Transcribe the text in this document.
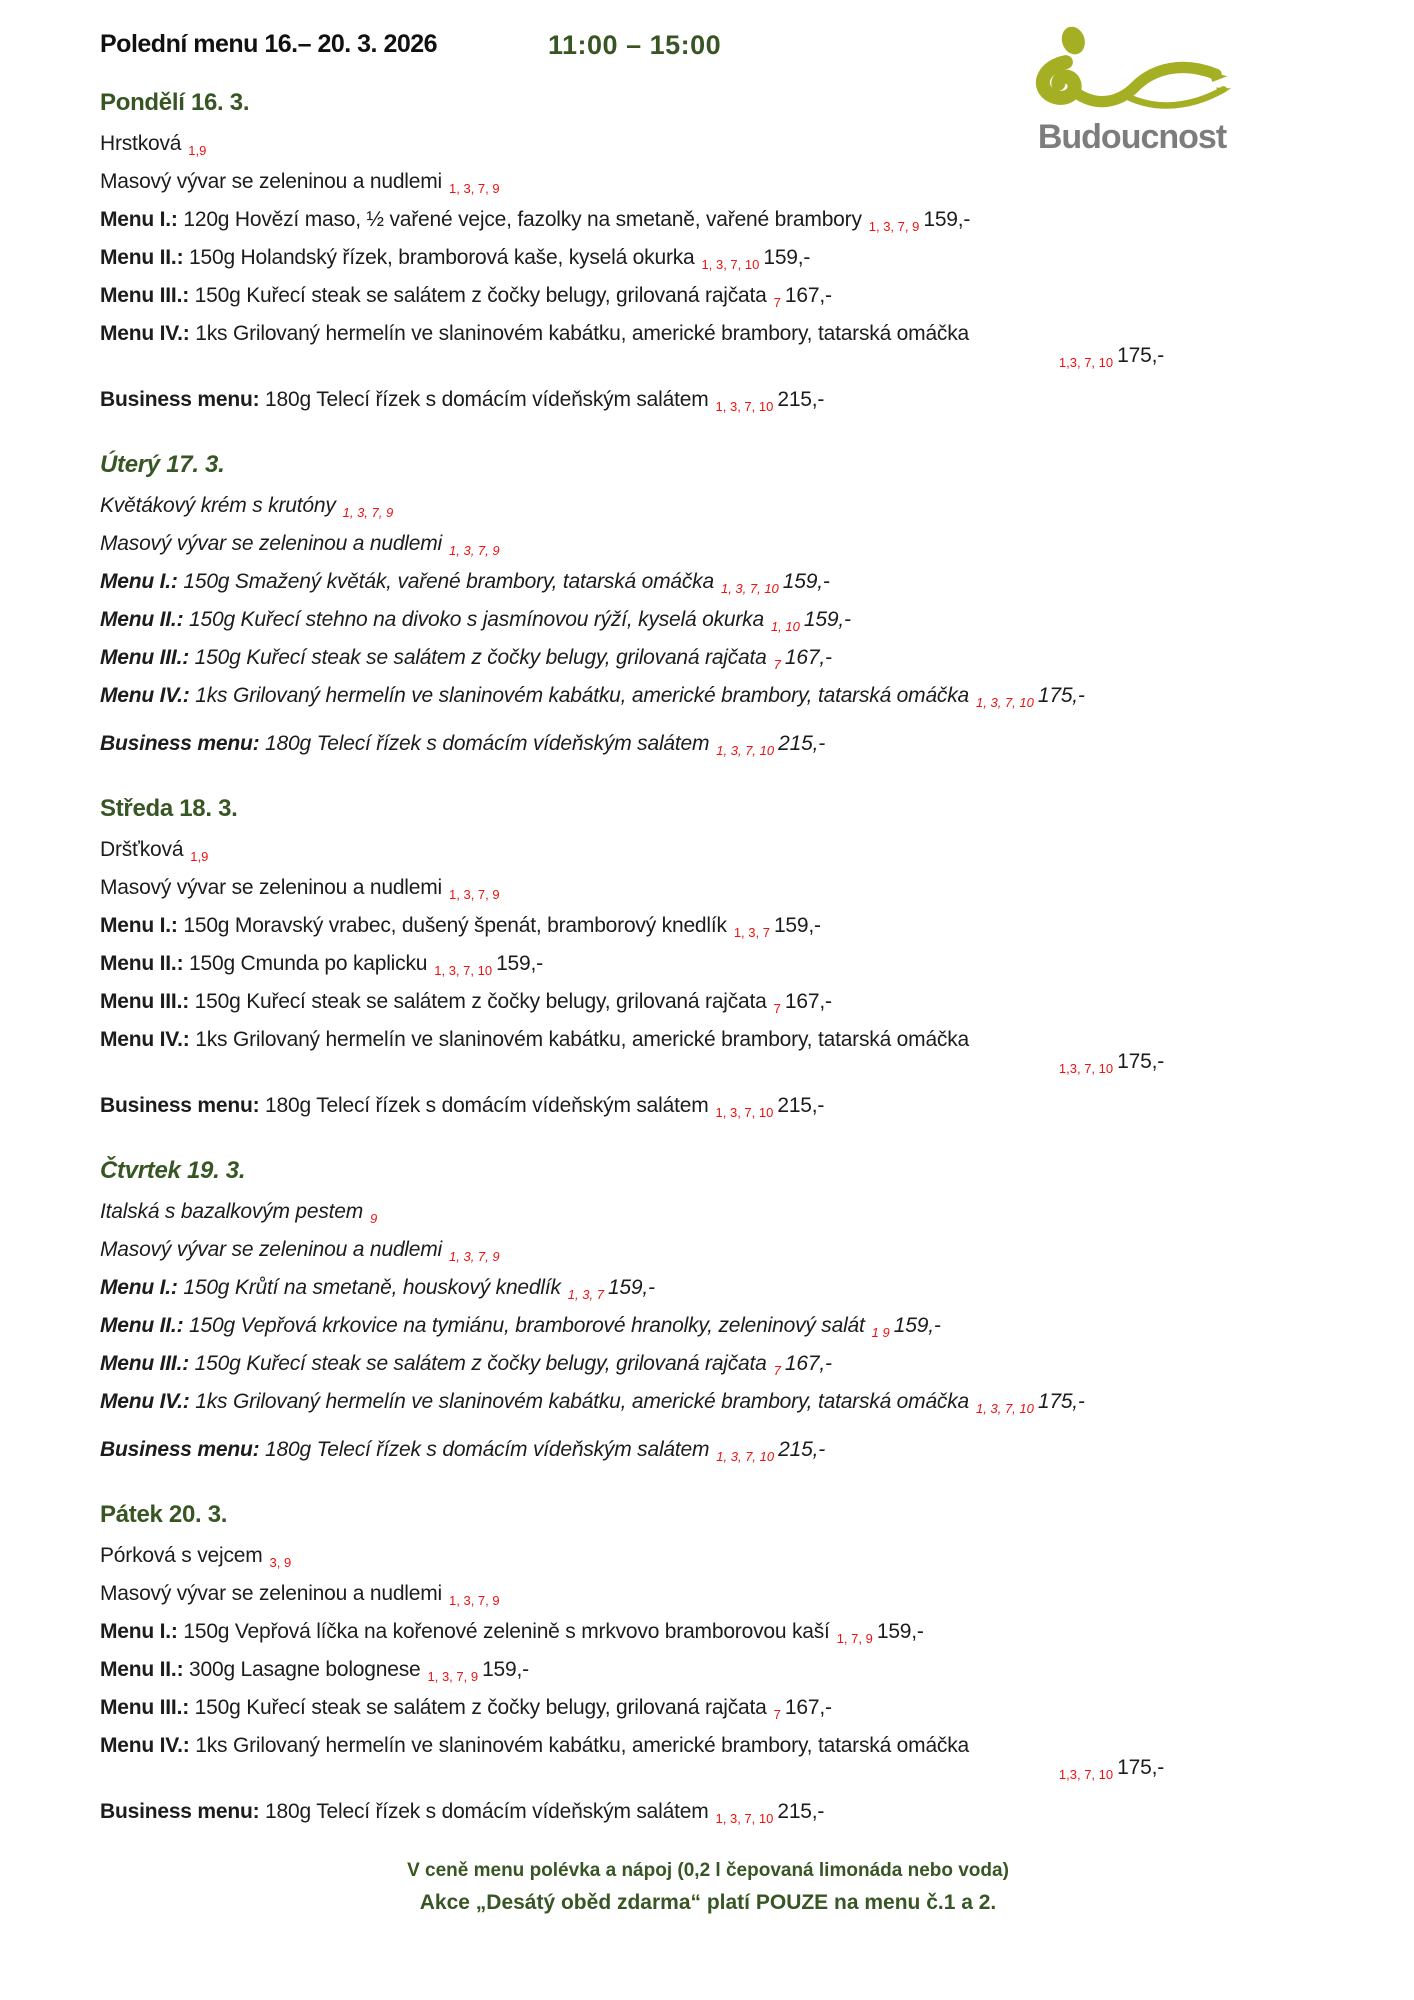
Budoucnost
Polední menu 16.– 20. 3. 2026	11:00 – 15:00
Pondělí 16. 3.
Hrstková $_{1,9}$
Masový vývar se zeleninou a nudlemi $_{1, 3, 7, 9}$
Menu I.: 120g Hovězí maso, ½ vařené vejce, fazolky na smetaně, vařené brambory $_{1, 3, 7, 9}$ 159,-
Menu II.: 150g Holandský řízek, bramborová kaše, kyselá okurka $_{1, 3, 7, 10}$ 159,-
Menu III.: 150g Kuřecí steak se salátem z čočky belugy, grilovaná rajčata $_7$ 167,-
Menu IV.: 1ks Grilovaný hermelín ve slaninovém kabátku, americké brambory, tatarská omáčka
$_{1,3, 7, 10}$ 175,-
Business menu: 180g Telecí řízek s domácím vídeňským salátem $_{1, 3, 7, 10}$ 215,-
Úterý 17. 3.
Květákový krém s krutóny $_{1, 3, 7, 9}$
Masový vývar se zeleninou a nudlemi $_{1, 3, 7, 9}$
Menu I.: 150g Smažený květák, vařené brambory, tatarská omáčka $_{1, 3, 7, 10}$ 159,-
Menu II.: 150g Kuřecí stehno na divoko s jasmínovou rýží, kyselá okurka $_{1, 10}$ 159,-
Menu III.: 150g Kuřecí steak se salátem z čočky belugy, grilovaná rajčata $_7$ 167,-
Menu IV.: 1ks Grilovaný hermelín ve slaninovém kabátku, americké brambory, tatarská omáčka $_{1, 3, 7, 10}$ 175,-
Business menu: 180g Telecí řízek s domácím vídeňským salátem $_{1, 3, 7, 10}$ 215,-
Středa 18. 3.
Dršťková $_{1,9}$
Masový vývar se zeleninou a nudlemi $_{1, 3, 7, 9}$
Menu I.: 150g Moravský vrabec, dušený špenát, bramborový knedlík $_{1, 3, 7}$ 159,-
Menu II.: 150g Cmunda po kaplicku $_{1, 3, 7, 10}$ 159,-
Menu III.: 150g Kuřecí steak se salátem z čočky belugy, grilovaná rajčata $_7$ 167,-
Menu IV.: 1ks Grilovaný hermelín ve slaninovém kabátku, americké brambory, tatarská omáčka
$_{1,3, 7, 10}$ 175,-
Business menu: 180g Telecí řízek s domácím vídeňským salátem $_{1, 3, 7, 10}$ 215,-
Čtvrtek 19. 3.
Italská s bazalkovým pestem $_9$
Masový vývar se zeleninou a nudlemi $_{1, 3, 7, 9}$
Menu I.: 150g Krůtí na smetaně, houskový knedlík $_{1, 3, 7}$ 159,-
Menu II.: 150g Vepřová krkovice na tymiánu, bramborové hranolky, zeleninový salát $_{1 9}$ 159,-
Menu III.: 150g Kuřecí steak se salátem z čočky belugy, grilovaná rajčata $_7$ 167,-
Menu IV.: 1ks Grilovaný hermelín ve slaninovém kabátku, americké brambory, tatarská omáčka $_{1, 3, 7, 10}$ 175,-
Business menu: 180g Telecí řízek s domácím vídeňským salátem $_{1, 3, 7, 10}$ 215,-
Pátek 20. 3.
Pórková s vejcem $_{3, 9}$
Masový vývar se zeleninou a nudlemi $_{1, 3, 7, 9}$
Menu I.: 150g Vepřová líčka na kořenové zelenině s mrkvovo bramborovou kaší $_{1, 7, 9}$ 159,-
Menu II.: 300g Lasagne bolognese $_{1, 3, 7, 9}$ 159,-
Menu III.: 150g Kuřecí steak se salátem z čočky belugy, grilovaná rajčata $_7$ 167,-
Menu IV.: 1ks Grilovaný hermelín ve slaninovém kabátku, americké brambory, tatarská omáčka
$_{1,3, 7, 10}$ 175,-
Business menu: 180g Telecí řízek s domácím vídeňským salátem $_{1, 3, 7, 10}$ 215,-
V ceně menu polévka a nápoj (0,2 l čepovaná limonáda nebo voda)
Akce „Desátý oběd zdarma“ platí POUZE na menu č.1 a 2.
